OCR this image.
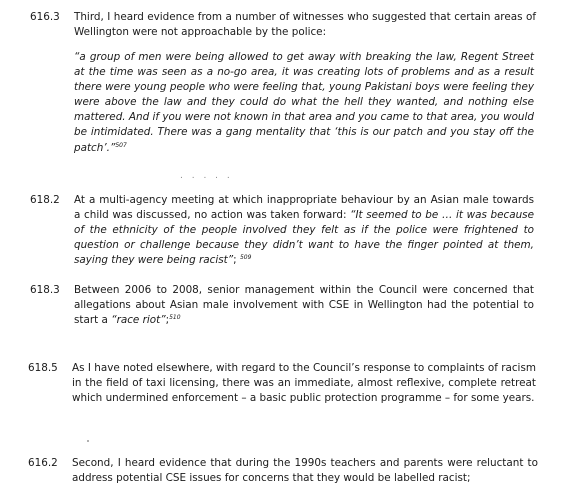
616.3 Third, I heard evidence from a number of witnesses who suggested that certain areas of Wellington were not approachable by the police:
“a group of men were being allowed to get away with breaking the law, Regent Street at the time was seen as a no-go area, it was creating lots of problems and as a result there were young people who were feeling that, young Pakistani boys were feeling they were above the law and they could do what the hell they wanted, and nothing else mattered. And if you were not known in that area and you came to that area, you would be intimidated. There was a gang mentality that ‘this is our patch and you stay off the patch’.”$^{507}$
. . . . .
618.2 At a multi-agency meeting at which inappropriate behaviour by an Asian male towards a child was discussed, no action was taken forward: “It seemed to be … it was because of the ethnicity of the people involved they felt as if the police were frightened to question or challenge because they didn’t want to have the finger pointed at them, saying they were being racist”; $^{509}$
618.3 Between 2006 to 2008, senior management within the Council were concerned that allegations about Asian male involvement with CSE in Wellington had the potential to start a “race riot”;$^{510}$
618.5 As I have noted elsewhere, with regard to the Council’s response to complaints of racism in the field of taxi licensing, there was an immediate, almost reflexive, complete retreat which undermined enforcement – a basic public protection programme – for some years.
616.2 Second, I heard evidence that during the 1990s teachers and parents were reluctant to address potential CSE issues for concerns that they would be labelled racist;
